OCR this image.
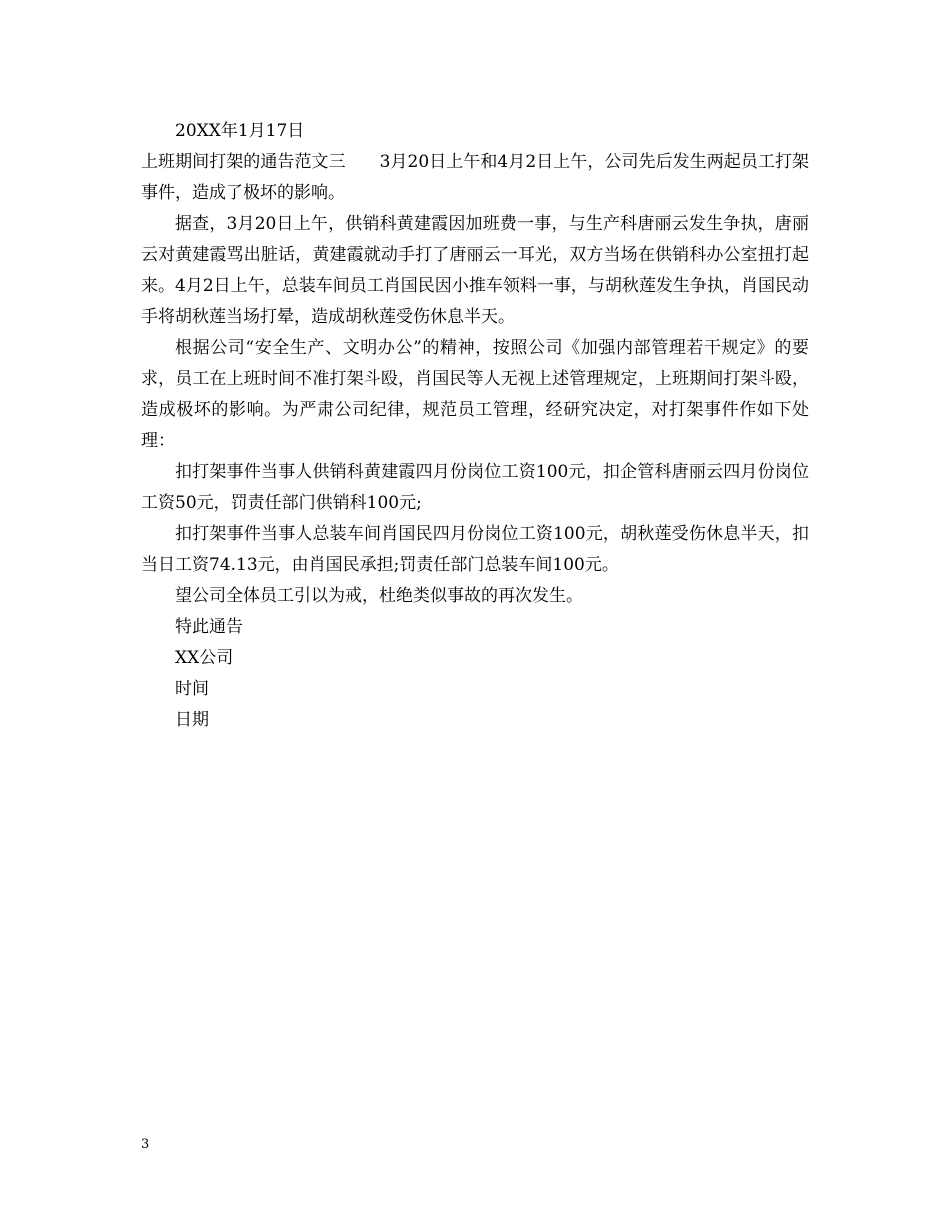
20XX年1月17日

上班期间打架的通告范文三 3月20日上午和4月2日上午，公司先后发生两起员工打架事件，造成了极坏的影响。

据查，3月20日上午，供销科黄建霞因加班费一事，与生产科唐丽云发生争执，唐丽云对黄建霞骂出脏话，黄建霞就动手打了唐丽云一耳光，双方当场在供销科办公室扭打起来。4月2日上午，总装车间员工肖国民因小推车领料一事，与胡秋莲发生争执，肖国民动手将胡秋莲当场打晕，造成胡秋莲受伤休息半天。

根据公司“安全生产、文明办公”的精神，按照公司《加强内部管理若干规定》的要求，员工在上班时间不准打架斗殴，肖国民等人无视上述管理规定，上班期间打架斗殴，造成极坏的影响。为严肃公司纪律，规范员工管理，经研究决定，对打架事件作如下处理：

扣打架事件当事人供销科黄建霞四月份岗位工资100元，扣企管科唐丽云四月份岗位工资50元，罚责任部门供销科100元;

扣打架事件当事人总装车间肖国民四月份岗位工资100元，胡秋莲受伤休息半天，扣当日工资74.13元，由肖国民承担;罚责任部门总装车间100元。

望公司全体员工引以为戒，杜绝类似事故的再次发生。

特此通告

XX公司

时间

日期

3
